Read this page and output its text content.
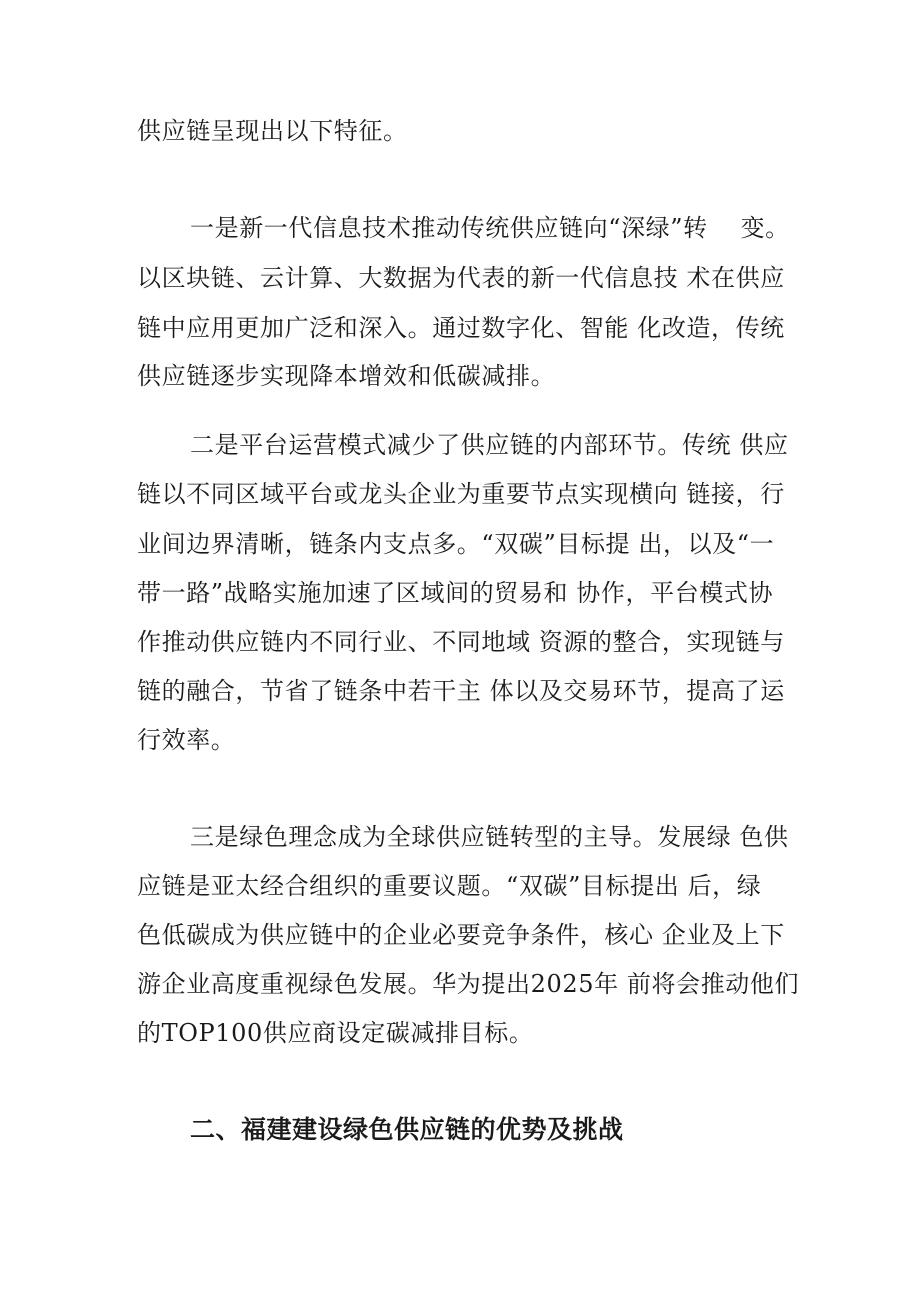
供应链呈现出以下特征。
一是新一代信息技术推动传统供应链向“深绿”转　 变。
以区块链、云计算、大数据为代表的新一代信息技 术在供应
链中应用更加广泛和深入。通过数字化、智能 化改造，传统
供应链逐步实现降本增效和低碳减排。
二是平台运营模式减少了供应链的内部环节。传统 供应
链以不同区域平台或龙头企业为重要节点实现横向 链接，行
业间边界清晰，链条内支点多。“双碳”目标提 出，以及“一
带一路”战略实施加速了区域间的贸易和 协作，平台模式协
作推动供应链内不同行业、不同地域 资源的整合，实现链与
链的融合，节省了链条中若干主 体以及交易环节，提高了运
行效率。
三是绿色理念成为全球供应链转型的主导。发展绿 色供
应链是亚太经合组织的重要议题。“双碳”目标提出 后，绿
色低碳成为供应链中的企业必要竞争条件，核心 企业及上下
游企业高度重视绿色发展。华为提出2025年 前将会推动他们
的TOP100供应商设定碳减排目标。
二、福建建设绿色供应链的优势及挑战
